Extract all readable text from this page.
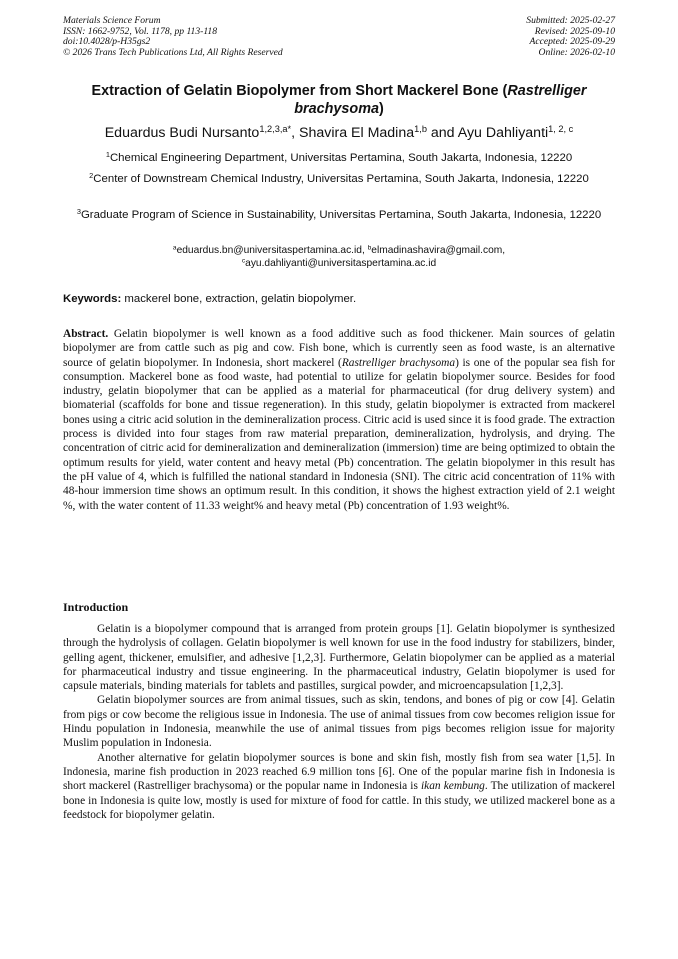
Materials Science Forum
ISSN: 1662-9752, Vol. 1178, pp 113-118
doi:10.4028/p-H35gs2
© 2026 Trans Tech Publications Ltd, All Rights Reserved
Submitted: 2025-02-27
Revised: 2025-09-10
Accepted: 2025-09-29
Online: 2026-02-10
Extraction of Gelatin Biopolymer from Short Mackerel Bone (Rastrelliger brachysoma)
Eduardus Budi Nursanto$^{1,2,3,a*}$, Shavira El Madina$^{1,b}$ and Ayu Dahliyanti$^{1, 2, c}$
$^1$Chemical Engineering Department, Universitas Pertamina, South Jakarta, Indonesia, 12220
$^2$Center of Downstream Chemical Industry, Universitas Pertamina, South Jakarta, Indonesia, 12220
$^3$Graduate Program of Science in Sustainability, Universitas Pertamina, South Jakarta, Indonesia, 12220
$^a$eduardus.bn@universitaspertamina.ac.id, $^b$elmadinashavira@gmail.com,
$^c$ayu.dahliyanti@universitaspertamina.ac.id
Keywords: mackerel bone, extraction, gelatin biopolymer.
Abstract. Gelatin biopolymer is well known as a food additive such as food thickener. Main sources of gelatin biopolymer are from cattle such as pig and cow. Fish bone, which is currently seen as food waste, is an alternative source of gelatin biopolymer. In Indonesia, short mackerel (Rastrelliger brachysoma) is one of the popular sea fish for consumption. Mackerel bone as food waste, had potential to utilize for gelatin biopolymer source. Besides for food industry, gelatin biopolymer that can be applied as a material for pharmaceutical (for drug delivery system) and biomaterial (scaffolds for bone and tissue regeneration). In this study, gelatin biopolymer is extracted from mackerel bones using a citric acid solution in the demineralization process. Citric acid is used since it is food grade. The extraction process is divided into four stages from raw material preparation, demineralization, hydrolysis, and drying. The concentration of citric acid for demineralization and demineralization (immersion) time are being optimized to obtain the optimum results for yield, water content and heavy metal (Pb) concentration. The gelatin biopolymer in this result has the pH value of 4, which is fulfilled the national standard in Indonesia (SNI). The citric acid concentration of 11% with 48-hour immersion time shows an optimum result. In this condition, it shows the highest extraction yield of 2.1 weight %, with the water content of 11.33 weight% and heavy metal (Pb) concentration of 1.93 weight%.
Introduction

Gelatin is a biopolymer compound that is arranged from protein groups [1]. Gelatin biopolymer is synthesized through the hydrolysis of collagen. Gelatin biopolymer is well known for use in the food industry for stabilizers, binder, gelling agent, thickener, emulsifier, and adhesive [1,2,3]. Furthermore, Gelatin biopolymer can be applied as a material for pharmaceutical industry and tissue engineering. In the pharmaceutical industry, Gelatin biopolymer is used for capsule materials, binding materials for tablets and pastilles, surgical powder, and microencapsulation [1,2,3].

Gelatin biopolymer sources are from animal tissues, such as skin, tendons, and bones of pig or cow [4]. Gelatin from pigs or cow become the religious issue in Indonesia. The use of animal tissues from cow becomes religion issue for Hindu population in Indonesia, meanwhile the use of animal tissues from pigs becomes religion issue for majority Muslim population in Indonesia.

Another alternative for gelatin biopolymer sources is bone and skin fish, mostly fish from sea water [1,5]. In Indonesia, marine fish production in 2023 reached 6.9 million tons [6]. One of the popular marine fish in Indonesia is short mackerel (Rastrelliger brachysoma) or the popular name in Indonesia is ikan kembung. The utilization of mackerel bone in Indonesia is quite low, mostly is used for mixture of food for cattle. In this study, we utilized mackerel bone as a feedstock for biopolymer gelatin.
